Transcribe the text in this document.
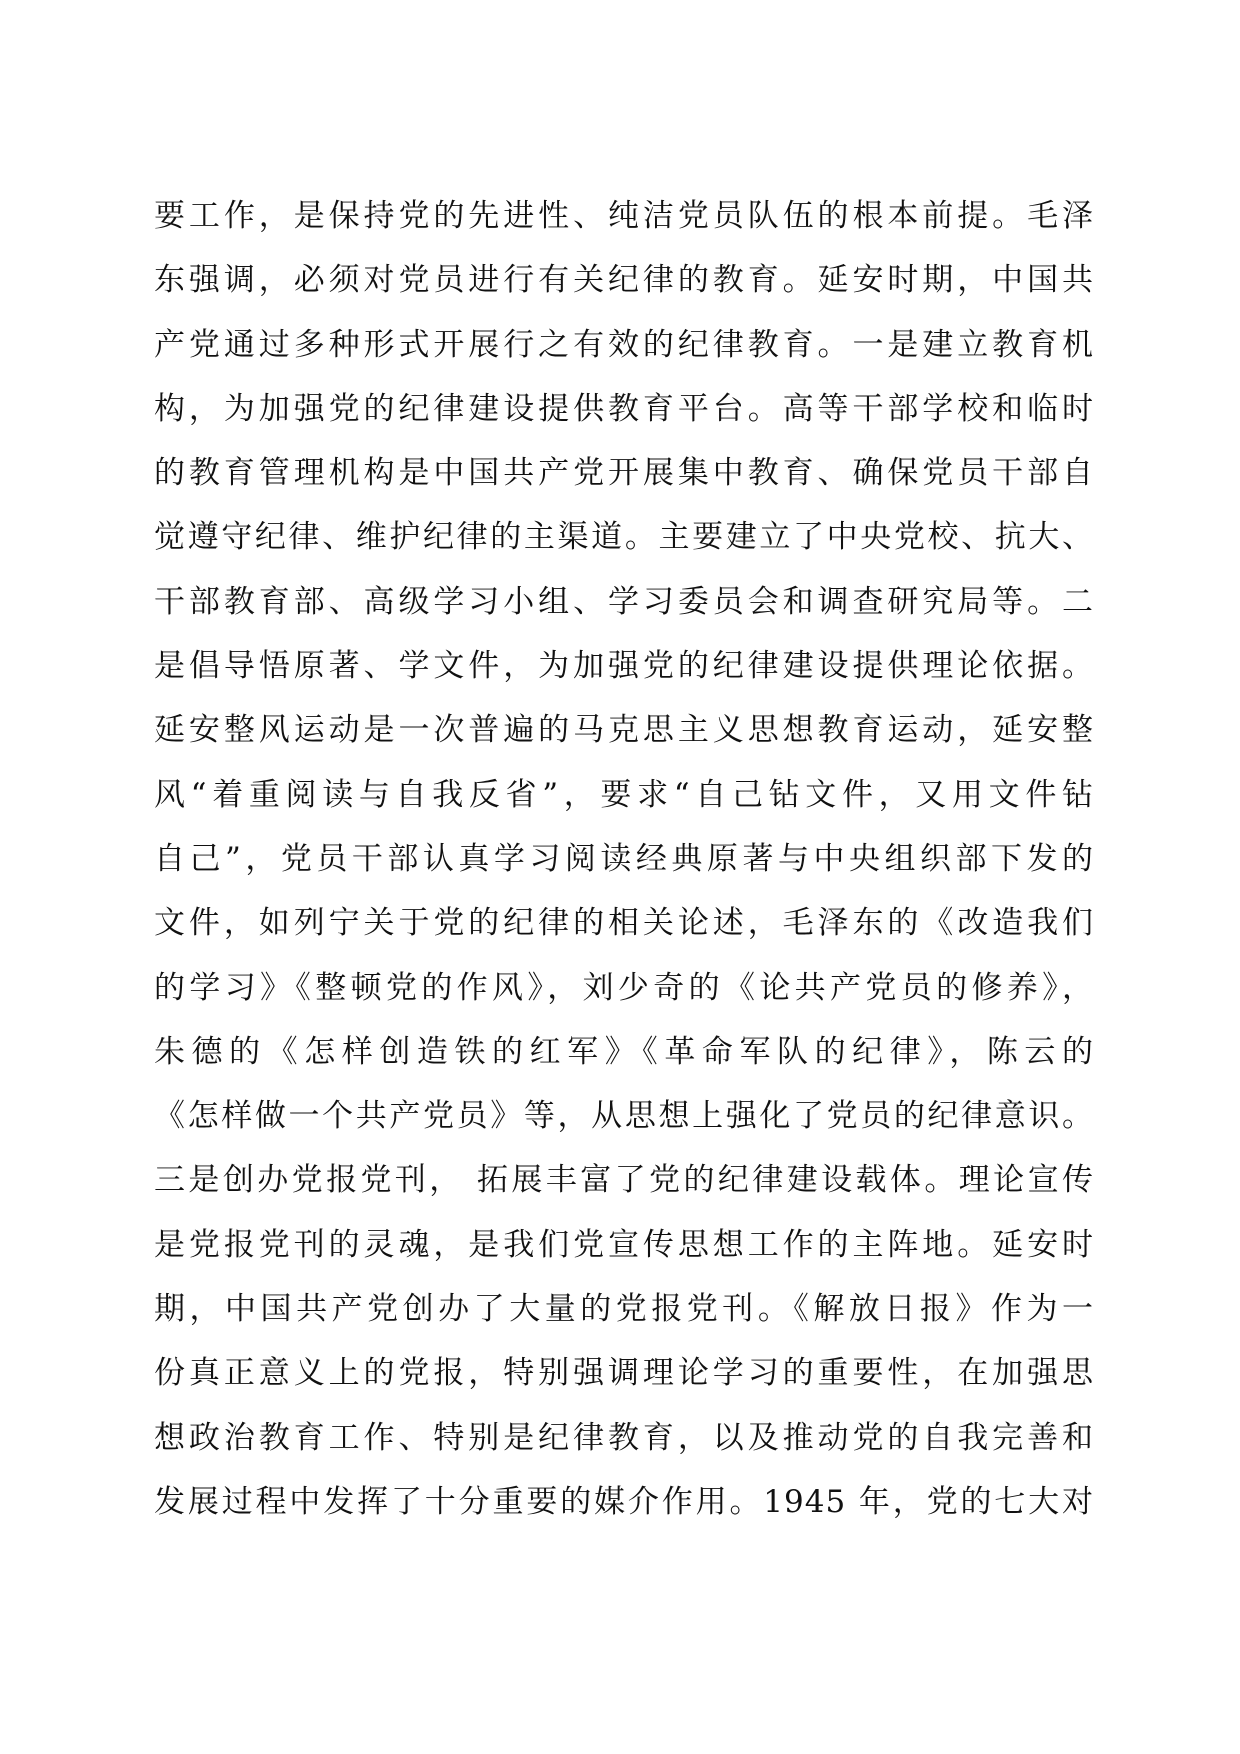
要工作，是保持党的先进性、纯洁党员队伍的根本前提。毛泽
东强调，必须对党员进行有关纪律的教育。延安时期，中国共
产党通过多种形式开展行之有效的纪律教育。一是建立教育机
构，为加强党的纪律建设提供教育平台。高等干部学校和临时
的教育管理机构是中国共产党开展集中教育、确保党员干部自
觉遵守纪律、维护纪律的主渠道。主要建立了中央党校、抗大、
干部教育部、高级学习小组、学习委员会和调查研究局等。二
是倡导悟原著、学文件，为加强党的纪律建设提供理论依据。
延安整风运动是一次普遍的马克思主义思想教育运动，延安整
风“着重阅读与自我反省”，要求“自己钻文件，又用文件钻
自己”，党员干部认真学习阅读经典原著与中央组织部下发的
文件，如列宁关于党的纪律的相关论述，毛泽东的《改造我们
的学习》《整顿党的作风》，刘少奇的《论共产党员的修养》，
朱德的《怎样创造铁的红军》《革命军队的纪律》，陈云的
《怎样做一个共产党员》等，从思想上强化了党员的纪律意识。
三是创办党报党刊， 拓展丰富了党的纪律建设载体。理论宣传
是党报党刊的灵魂，是我们党宣传思想工作的主阵地。延安时
期，中国共产党创办了大量的党报党刊。《解放日报》作为一
份真正意义上的党报，特别强调理论学习的重要性，在加强思
想政治教育工作、特别是纪律教育，以及推动党的自我完善和
发展过程中发挥了十分重要的媒介作用。1945 年，党的七大对
